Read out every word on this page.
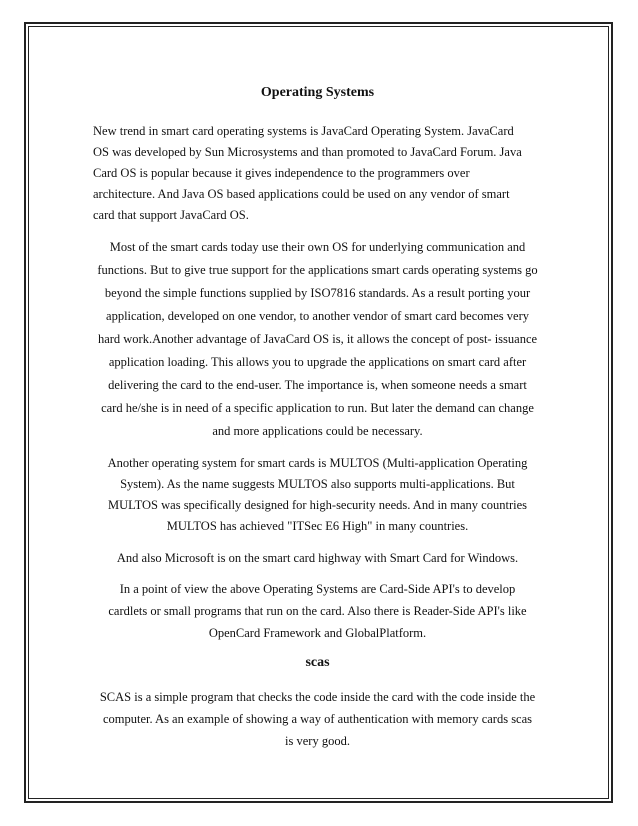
Operating Systems
New trend in smart card operating systems is JavaCard Operating System. JavaCard
OS was developed by Sun Microsystems and than promoted to JavaCard Forum. Java
Card OS is popular because it gives independence to the programmers over
architecture. And Java OS based applications could be used on any vendor of smart
card that support JavaCard OS.
Most of the smart cards today use their own OS for underlying communication and
functions. But to give true support for the applications smart cards operating systems go
beyond the simple functions supplied by ISO7816 standards. As a result porting your
application, developed on one vendor, to another vendor of smart card becomes very
hard work.Another advantage of JavaCard OS is, it allows the concept of post- issuance
application loading. This allows you to upgrade the applications on smart card after
delivering the card to the end-user. The importance is, when someone needs a smart
card he/she is in need of a specific application to run. But later the demand can change
and more applications could be necessary.
Another operating system for smart cards is MULTOS (Multi-application Operating
System). As the name suggests MULTOS also supports multi-applications. But
MULTOS was specifically designed for high-security needs. And in many countries
MULTOS has achieved "ITSec E6 High" in many countries.
And also Microsoft is on the smart card highway with Smart Card for Windows.
In a point of view the above Operating Systems are Card-Side API's to develop
cardlets or small programs that run on the card. Also there is Reader-Side API's like
OpenCard Framework and GlobalPlatform.
scas
SCAS is a simple program that checks the code inside the card with the code inside the
computer. As an example of showing a way of authentication with memory cards scas
is very good.
